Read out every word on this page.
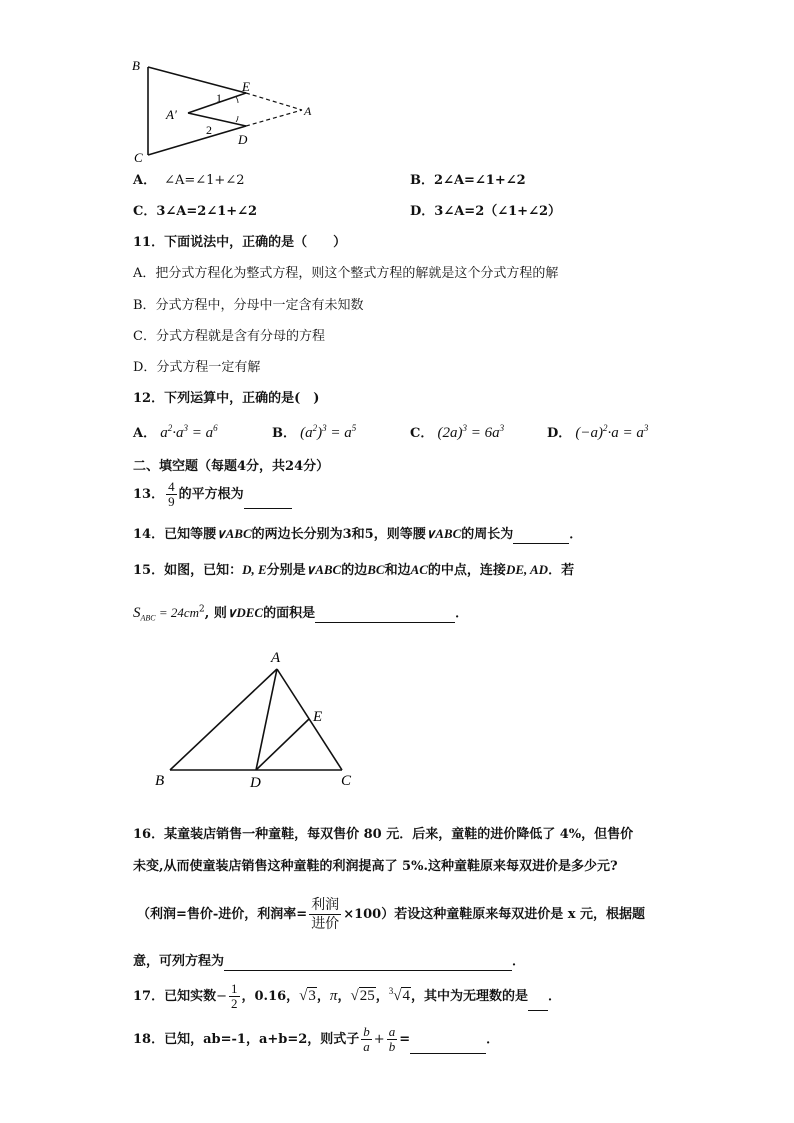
B
E
A′	A
1
2
D
C
A． ∠A=∠1+∠2	B．2∠A=∠1+∠2
C．3∠A=2∠1+∠2	D．3∠A=2（∠1+∠2）
11．下面说法中，正确的是（　　）
A．把分式方程化为整式方程，则这个整式方程的解就是这个分式方程的解
B．分式方程中，分母中一定含有未知数
C．分式方程就是含有分母的方程
D．分式方程一定有解
12．下列运算中，正确的是(　)
A． $a^2\cdot a^3 = a^6$	B． $(a^2)^3 = a^5$	C． $(2a)^3 = 6a^3$	D． $(-a)^2\cdot a = a^3$
二、填空题（每题4分，共24分）
13． $\frac{4}{9}$ 的平方根为
14．已知等腰∨ABC的两边长分别为3和5，则等腰∨ABC的周长为	．
15．如图，已知：D, E分别是∨ABC的边BC和边AC的中点，连接DE, AD．若
$S_{ABC} = 24cm^2$, 则∨DEC的面积是	．
A
E
B	D	C
16．某童装店销售一种童鞋，每双售价 80 元．后来，童鞋的进价降低了 4%，但售价
未变,从而使童装店销售这种童鞋的利润提高了 5%.这种童鞋原来每双进价是多少元?
（利润=售价-进价，利润率= $\frac{\text{利润}}{\text{进价}} \times 100$）若设这种童鞋原来每双进价是 x 元，根据题
意，可列方程为	．
17．已知实数− $\frac{1}{2}$ ，0.16，√3，π，√25，$^3$√4，其中为无理数的是 ．
18．已知，ab=-1，a+b=2，则式子 $\frac{b}{a} + \frac{a}{b}$ =	．
